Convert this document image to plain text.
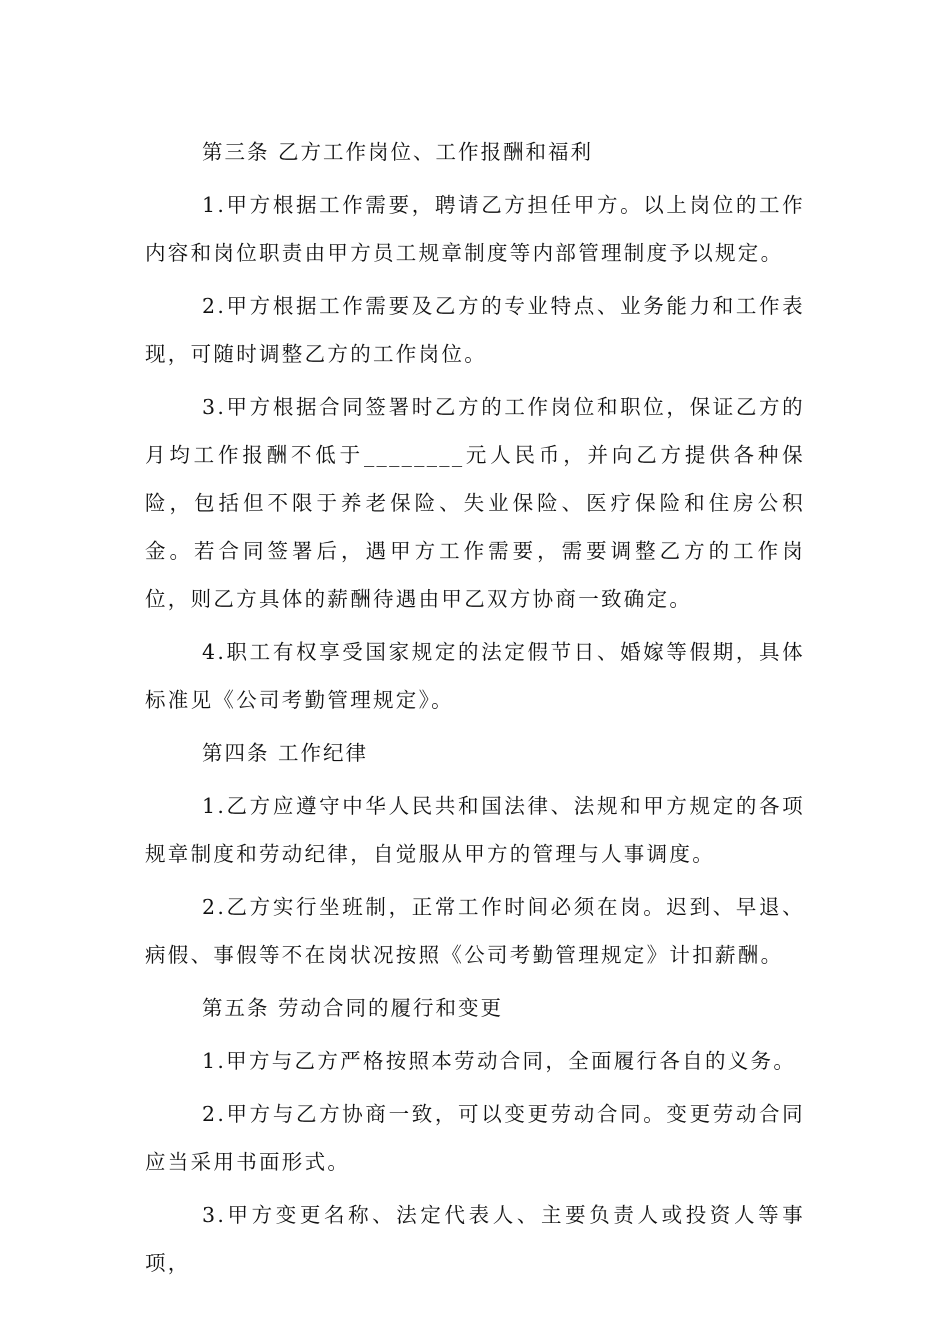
第三条 乙方工作岗位、工作报酬和福利

1.甲方根据工作需要，聘请乙方担任甲方。以上岗位的工作内容和岗位职责由甲方员工规章制度等内部管理制度予以规定。

2.甲方根据工作需要及乙方的专业特点、业务能力和工作表现，可随时调整乙方的工作岗位。

3.甲方根据合同签署时乙方的工作岗位和职位，保证乙方的月均工作报酬不低于________元人民币，并向乙方提供各种保险，包括但不限于养老保险、失业保险、医疗保险和住房公积金。若合同签署后，遇甲方工作需要，需要调整乙方的工作岗位，则乙方具体的薪酬待遇由甲乙双方协商一致确定。

4.职工有权享受国家规定的法定假节日、婚嫁等假期，具体标准见《公司考勤管理规定》。

第四条 工作纪律

1.乙方应遵守中华人民共和国法律、法规和甲方规定的各项规章制度和劳动纪律，自觉服从甲方的管理与人事调度。

2.乙方实行坐班制，正常工作时间必须在岗。迟到、早退、病假、事假等不在岗状况按照《公司考勤管理规定》计扣薪酬。

第五条 劳动合同的履行和变更

1.甲方与乙方严格按照本劳动合同，全面履行各自的义务。

2.甲方与乙方协商一致，可以变更劳动合同。变更劳动合同应当采用书面形式。

3.甲方变更名称、法定代表人、主要负责人或投资人等事项，
